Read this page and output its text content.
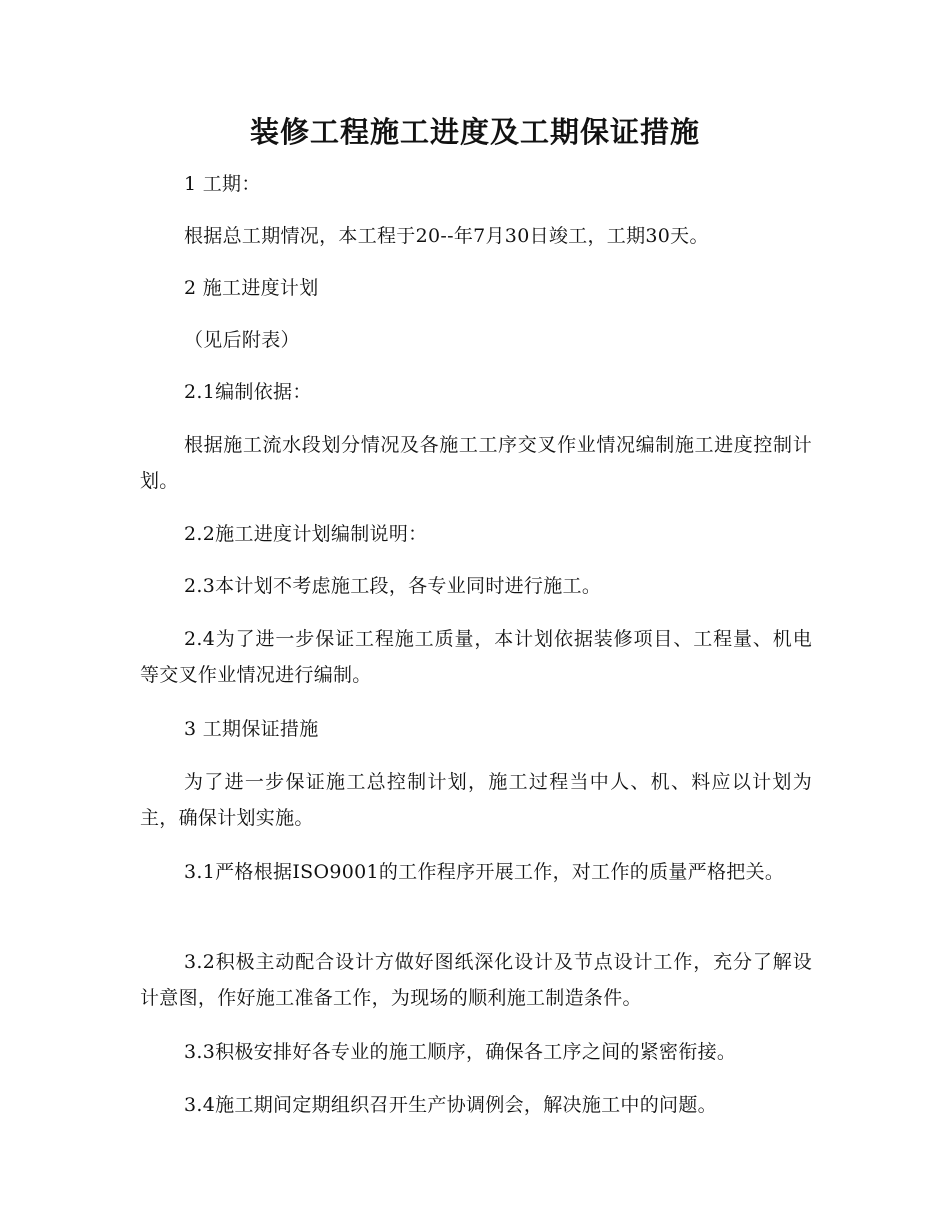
装修工程施工进度及工期保证措施

1 工期：

根据总工期情况，本工程于20--年7月30日竣工，工期30天。

2 施工进度计划

（见后附表）

2.1编制依据：

根据施工流水段划分情况及各施工工序交叉作业情况编制施工进度控制计划。

2.2施工进度计划编制说明：

2.3本计划不考虑施工段，各专业同时进行施工。

2.4为了进一步保证工程施工质量，本计划依据装修项目、工程量、机电等交叉作业情况进行编制。

3 工期保证措施

为了进一步保证施工总控制计划，施工过程当中人、机、料应以计划为主，确保计划实施。

3.1严格根据ISO9001的工作程序开展工作，对工作的质量严格把关。

3.2积极主动配合设计方做好图纸深化设计及节点设计工作，充分了解设计意图，作好施工准备工作，为现场的顺利施工制造条件。

3.3积极安排好各专业的施工顺序，确保各工序之间的紧密衔接。

3.4施工期间定期组织召开生产协调例会，解决施工中的问题。
